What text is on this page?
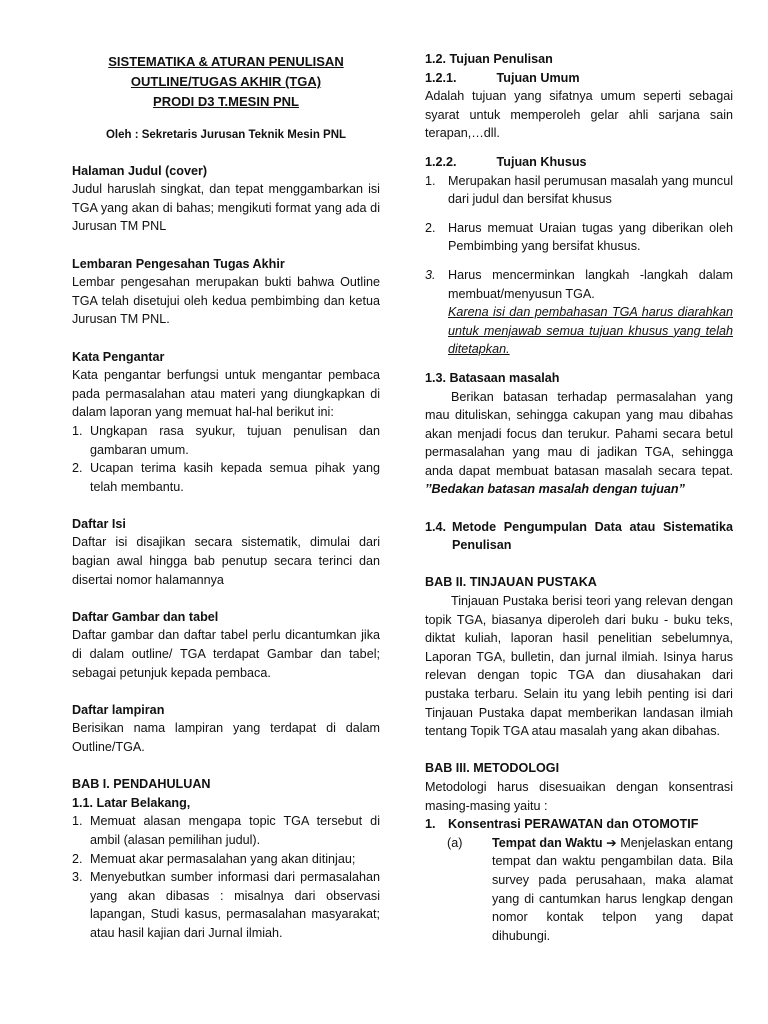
SISTEMATIKA & ATURAN PENULISAN
OUTLINE/TUGAS AKHIR (TGA)
PRODI D3 T.MESIN PNL
Oleh : Sekretaris Jurusan Teknik Mesin PNL
Halaman Judul (cover)

Judul haruslah singkat, dan tepat menggambarkan isi TGA yang akan di bahas; mengikuti format yang ada di Jurusan TM PNL

Lembaran Pengesahan Tugas Akhir

Lembar pengesahan merupakan bukti bahwa Outline TGA telah disetujui oleh kedua pembimbing dan ketua Jurusan TM PNL.

Kata Pengantar

Kata pengantar berfungsi untuk mengantar pembaca pada permasalahan atau materi yang diungkapkan di dalam laporan yang memuat hal-hal berikut ini:

1. Ungkapan rasa syukur, tujuan penulisan dan gambaran umum.
2. Ucapan terima kasih kepada semua pihak yang telah membantu.
Daftar Isi

Daftar isi disajikan secara sistematik, dimulai dari bagian awal hingga bab penutup secara terinci dan disertai nomor halamannya

Daftar Gambar dan tabel

Daftar gambar dan daftar tabel perlu dicantumkan jika di dalam outline/ TGA terdapat Gambar dan tabel; sebagai petunjuk kepada pembaca.

Daftar lampiran

Berisikan nama lampiran yang terdapat di dalam Outline/TGA.

BAB I. PENDAHULUAN
1.1. Latar Belakang,
1. Memuat alasan mengapa topic TGA tersebut di ambil (alasan pemilihan judul).
2. Memuat akar permasalahan yang akan ditinjau;
3. Menyebutkan sumber informasi dari permasalahan yang akan dibasas : misalnya dari observasi lapangan, Studi kasus, permasalahan masyarakat; atau hasil kajian dari Jurnal ilmiah.
1.2. Tujuan Penulisan
1.2.1.	Tujuan Umum

Adalah tujuan yang sifatnya umum seperti sebagai syarat untuk memperoleh gelar ahli sarjana sain terapan,…dll.

1.2.2.	Tujuan Khusus
1. Merupakan hasil perumusan masalah yang muncul dari judul dan bersifat khusus
2. Harus memuat Uraian tugas yang diberikan oleh Pembimbing yang bersifat khusus.
3. Harus mencerminkan langkah -langkah dalam membuat/menyusun TGA.
Karena isi dan pembahasan TGA harus diarahkan untuk menjawab semua tujuan khusus yang telah ditetapkan.
1.3. Batasaan masalah

Berikan batasan terhadap permasalahan yang mau dituliskan, sehingga cakupan yang mau dibahas akan menjadi focus dan terukur. Pahami secara betul permasalahan yang mau di jadikan TGA, sehingga anda dapat membuat batasan masalah secara tepat. ’’Bedakan batasan masalah dengan tujuan”

1.4. Metode Pengumpulan Data atau Sistematika Penulisan
BAB II. TINJAUAN PUSTAKA

Tinjauan Pustaka berisi teori yang relevan dengan topik TGA, biasanya diperoleh dari buku - buku teks, diktat kuliah, laporan hasil penelitian sebelumnya, Laporan TGA, bulletin, dan jurnal ilmiah. Isinya harus relevan dengan topic TGA dan diusahakan dari pustaka terbaru. Selain itu yang lebih penting isi dari Tinjauan Pustaka dapat memberikan landasan ilmiah tentang Topik TGA atau masalah yang akan dibahas.

BAB III. METODOLOGI

Metodologi harus disesuaikan dengan konsentrasi masing-masing yaitu :

1. Konsentrasi PERAWATAN dan OTOMOTIF
(a) Tempat dan Waktu ➔ Menjelaskan entang tempat dan waktu pengambilan data. Bila survey pada perusahaan, maka alamat yang di cantumkan harus lengkap dengan nomor kontak telpon yang dapat dihubungi.
